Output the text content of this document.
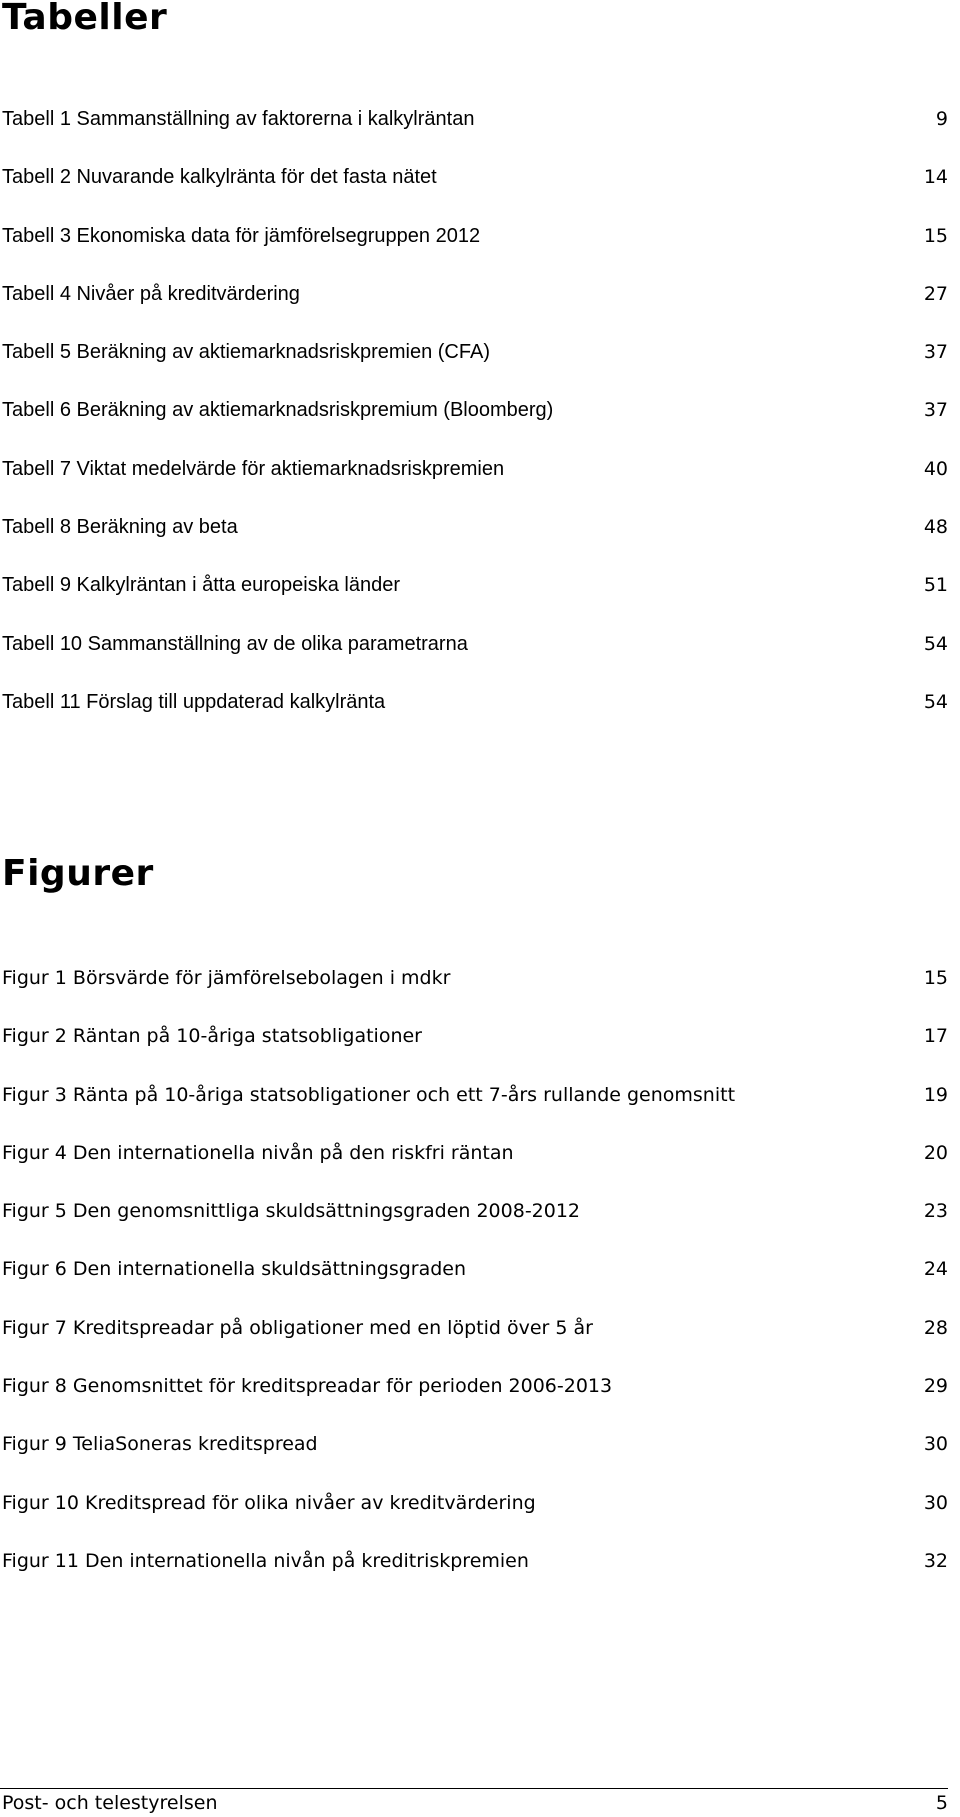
Tabeller
Tabell 1 Sammanställning av faktorerna i kalkylräntan	9
Tabell 2 Nuvarande kalkylränta för det fasta nätet	14
Tabell 3 Ekonomiska data för jämförelsegruppen 2012	15
Tabell 4 Nivåer på kreditvärdering	27
Tabell 5 Beräkning av aktiemarknadsriskpremien (CFA)	37
Tabell 6 Beräkning av aktiemarknadsriskpremium (Bloomberg)	37
Tabell 7 Viktat medelvärde för aktiemarknadsriskpremien	40
Tabell 8 Beräkning av beta	48
Tabell 9 Kalkylräntan i åtta europeiska länder	51
Tabell 10 Sammanställning av de olika parametrarna	54
Tabell 11 Förslag till uppdaterad kalkylränta	54
Figurer
Figur 1 Börsvärde för jämförelsebolagen i mdkr	15
Figur 2 Räntan på 10-åriga statsobligationer	17
Figur 3 Ränta på 10-åriga statsobligationer och ett 7-års rullande genomsnitt	19
Figur 4 Den internationella nivån på den riskfri räntan	20
Figur 5 Den genomsnittliga skuldsättningsgraden 2008-2012	23
Figur 6 Den internationella skuldsättningsgraden	24
Figur 7 Kreditspreadar på obligationer med en löptid över 5 år	28
Figur 8 Genomsnittet för kreditspreadar för perioden 2006-2013	29
Figur 9 TeliaSoneras kreditspread	30
Figur 10 Kreditspread för olika nivåer av kreditvärdering	30
Figur 11 Den internationella nivån på kreditriskpremien	32
Post- och telestyrelsen	5
